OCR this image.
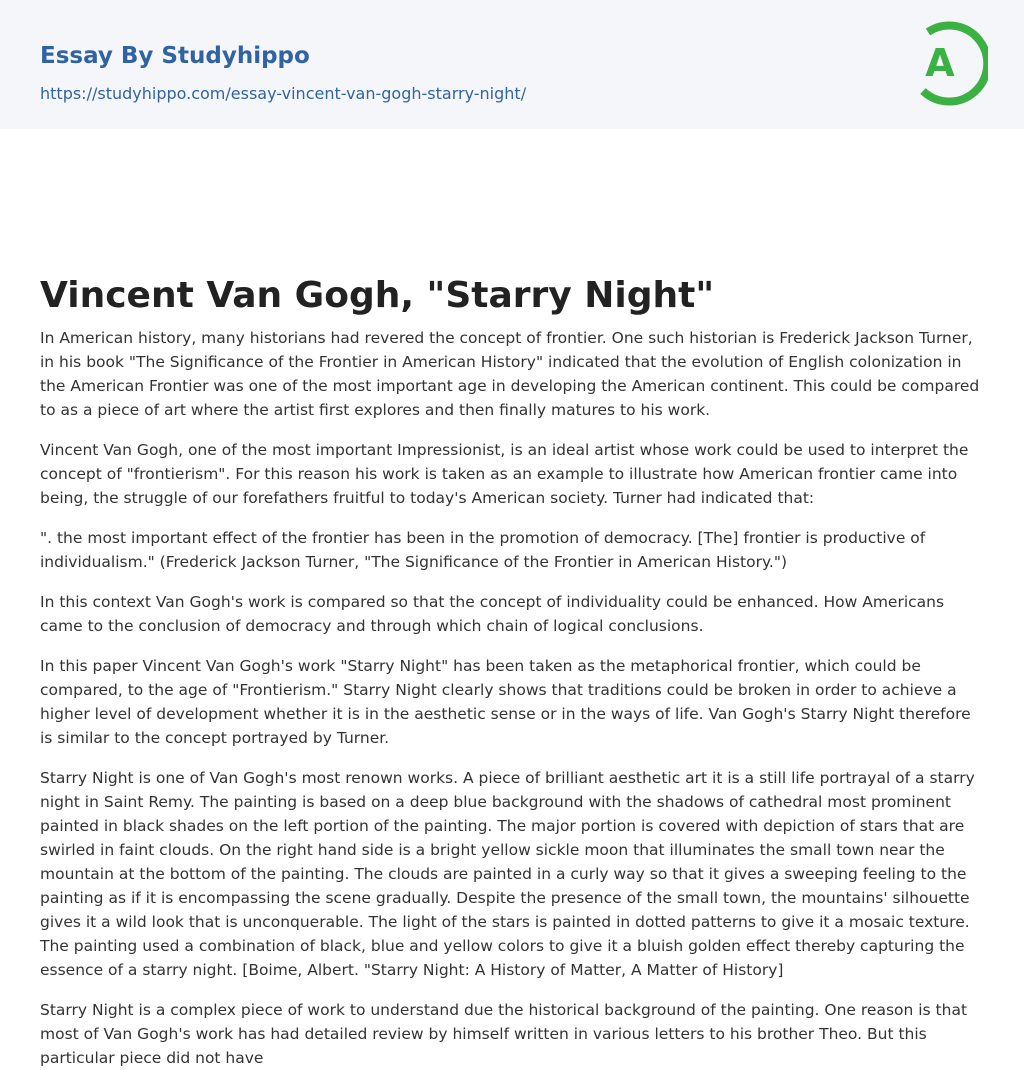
Essay By Studyhippo
https://studyhippo.com/essay-vincent-van-gogh-starry-night/
A
Vincent Van Gogh, "Starry Night"

In American history, many historians had revered the concept of frontier. One such historian is Frederick Jackson Turner, in his book "The Significance of the Frontier in American History" indicated that the evolution of English colonization in the American Frontier was one of the most important age in developing the American continent. This could be compared to as a piece of art where the artist first explores and then finally matures to his work.

Vincent Van Gogh, one of the most important Impressionist, is an ideal artist whose work could be used to interpret the concept of "frontierism". For this reason his work is taken as an example to illustrate how American frontier came into being, the struggle of our forefathers fruitful to today's American society. Turner had indicated that:

". the most important effect of the frontier has been in the promotion of democracy. [The] frontier is productive of individualism." (Frederick Jackson Turner, "The Significance of the Frontier in American History.")

In this context Van Gogh's work is compared so that the concept of individuality could be enhanced. How Americans came to the conclusion of democracy and through which chain of logical conclusions.

In this paper Vincent Van Gogh's work "Starry Night" has been taken as the metaphorical frontier, which could be compared, to the age of "Frontierism." Starry Night clearly shows that traditions could be broken in order to achieve a higher level of development whether it is in the aesthetic sense or in the ways of life. Van Gogh's Starry Night therefore is similar to the concept portrayed by Turner.

Starry Night is one of Van Gogh's most renown works. A piece of brilliant aesthetic art it is a still life portrayal of a starry night in Saint Remy. The painting is based on a deep blue background with the shadows of cathedral most prominent painted in black shades on the left portion of the painting. The major portion is covered with depiction of stars that are swirled in faint clouds. On the right hand side is a bright yellow sickle moon that illuminates the small town near the mountain at the bottom of the painting. The clouds are painted in a curly way so that it gives a sweeping feeling to the painting as if it is encompassing the scene gradually. Despite the presence of the small town, the mountains' silhouette gives it a wild look that is unconquerable. The light of the stars is painted in dotted patterns to give it a mosaic texture. The painting used a combination of black, blue and yellow colors to give it a bluish golden effect thereby capturing the essence of a starry night. [Boime, Albert. "Starry Night: A History of Matter, A Matter of History]

Starry Night is a complex piece of work to understand due the historical background of the painting. One reason is that most of Van Gogh's work has had detailed review by himself written in various letters to his brother Theo. But this particular piece did not have
